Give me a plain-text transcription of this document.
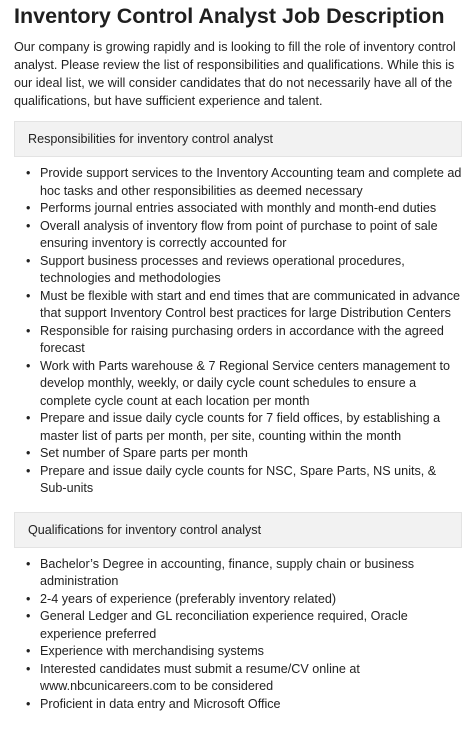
Inventory Control Analyst Job Description

Our company is growing rapidly and is looking to fill the role of inventory control analyst. Please review the list of responsibilities and qualifications. While this is our ideal list, we will consider candidates that do not necessarily have all of the qualifications, but have sufficient experience and talent.

Responsibilities for inventory control analyst
• Provide support services to the Inventory Accounting team and complete ad hoc tasks and other responsibilities as deemed necessary
• Performs journal entries associated with monthly and month-end duties
• Overall analysis of inventory flow from point of purchase to point of sale ensuring inventory is correctly accounted for
• Support business processes and reviews operational procedures, technologies and methodologies
• Must be flexible with start and end times that are communicated in advance that support Inventory Control best practices for large Distribution Centers
• Responsible for raising purchasing orders in accordance with the agreed forecast
• Work with Parts warehouse & 7 Regional Service centers management to develop monthly, weekly, or daily cycle count schedules to ensure a complete cycle count at each location per month
• Prepare and issue daily cycle counts for 7 field offices, by establishing a master list of parts per month, per site, counting within the month
• Set number of Spare parts per month
• Prepare and issue daily cycle counts for NSC, Spare Parts, NS units, & Sub-units
Qualifications for inventory control analyst
• Bachelor’s Degree in accounting, finance, supply chain or business administration
• 2-4 years of experience (preferably inventory related)
• General Ledger and GL reconciliation experience required, Oracle experience preferred
• Experience with merchandising systems
• Interested candidates must submit a resume/CV online at www.nbcunicareers.com to be considered
• Proficient in data entry and Microsoft Office
